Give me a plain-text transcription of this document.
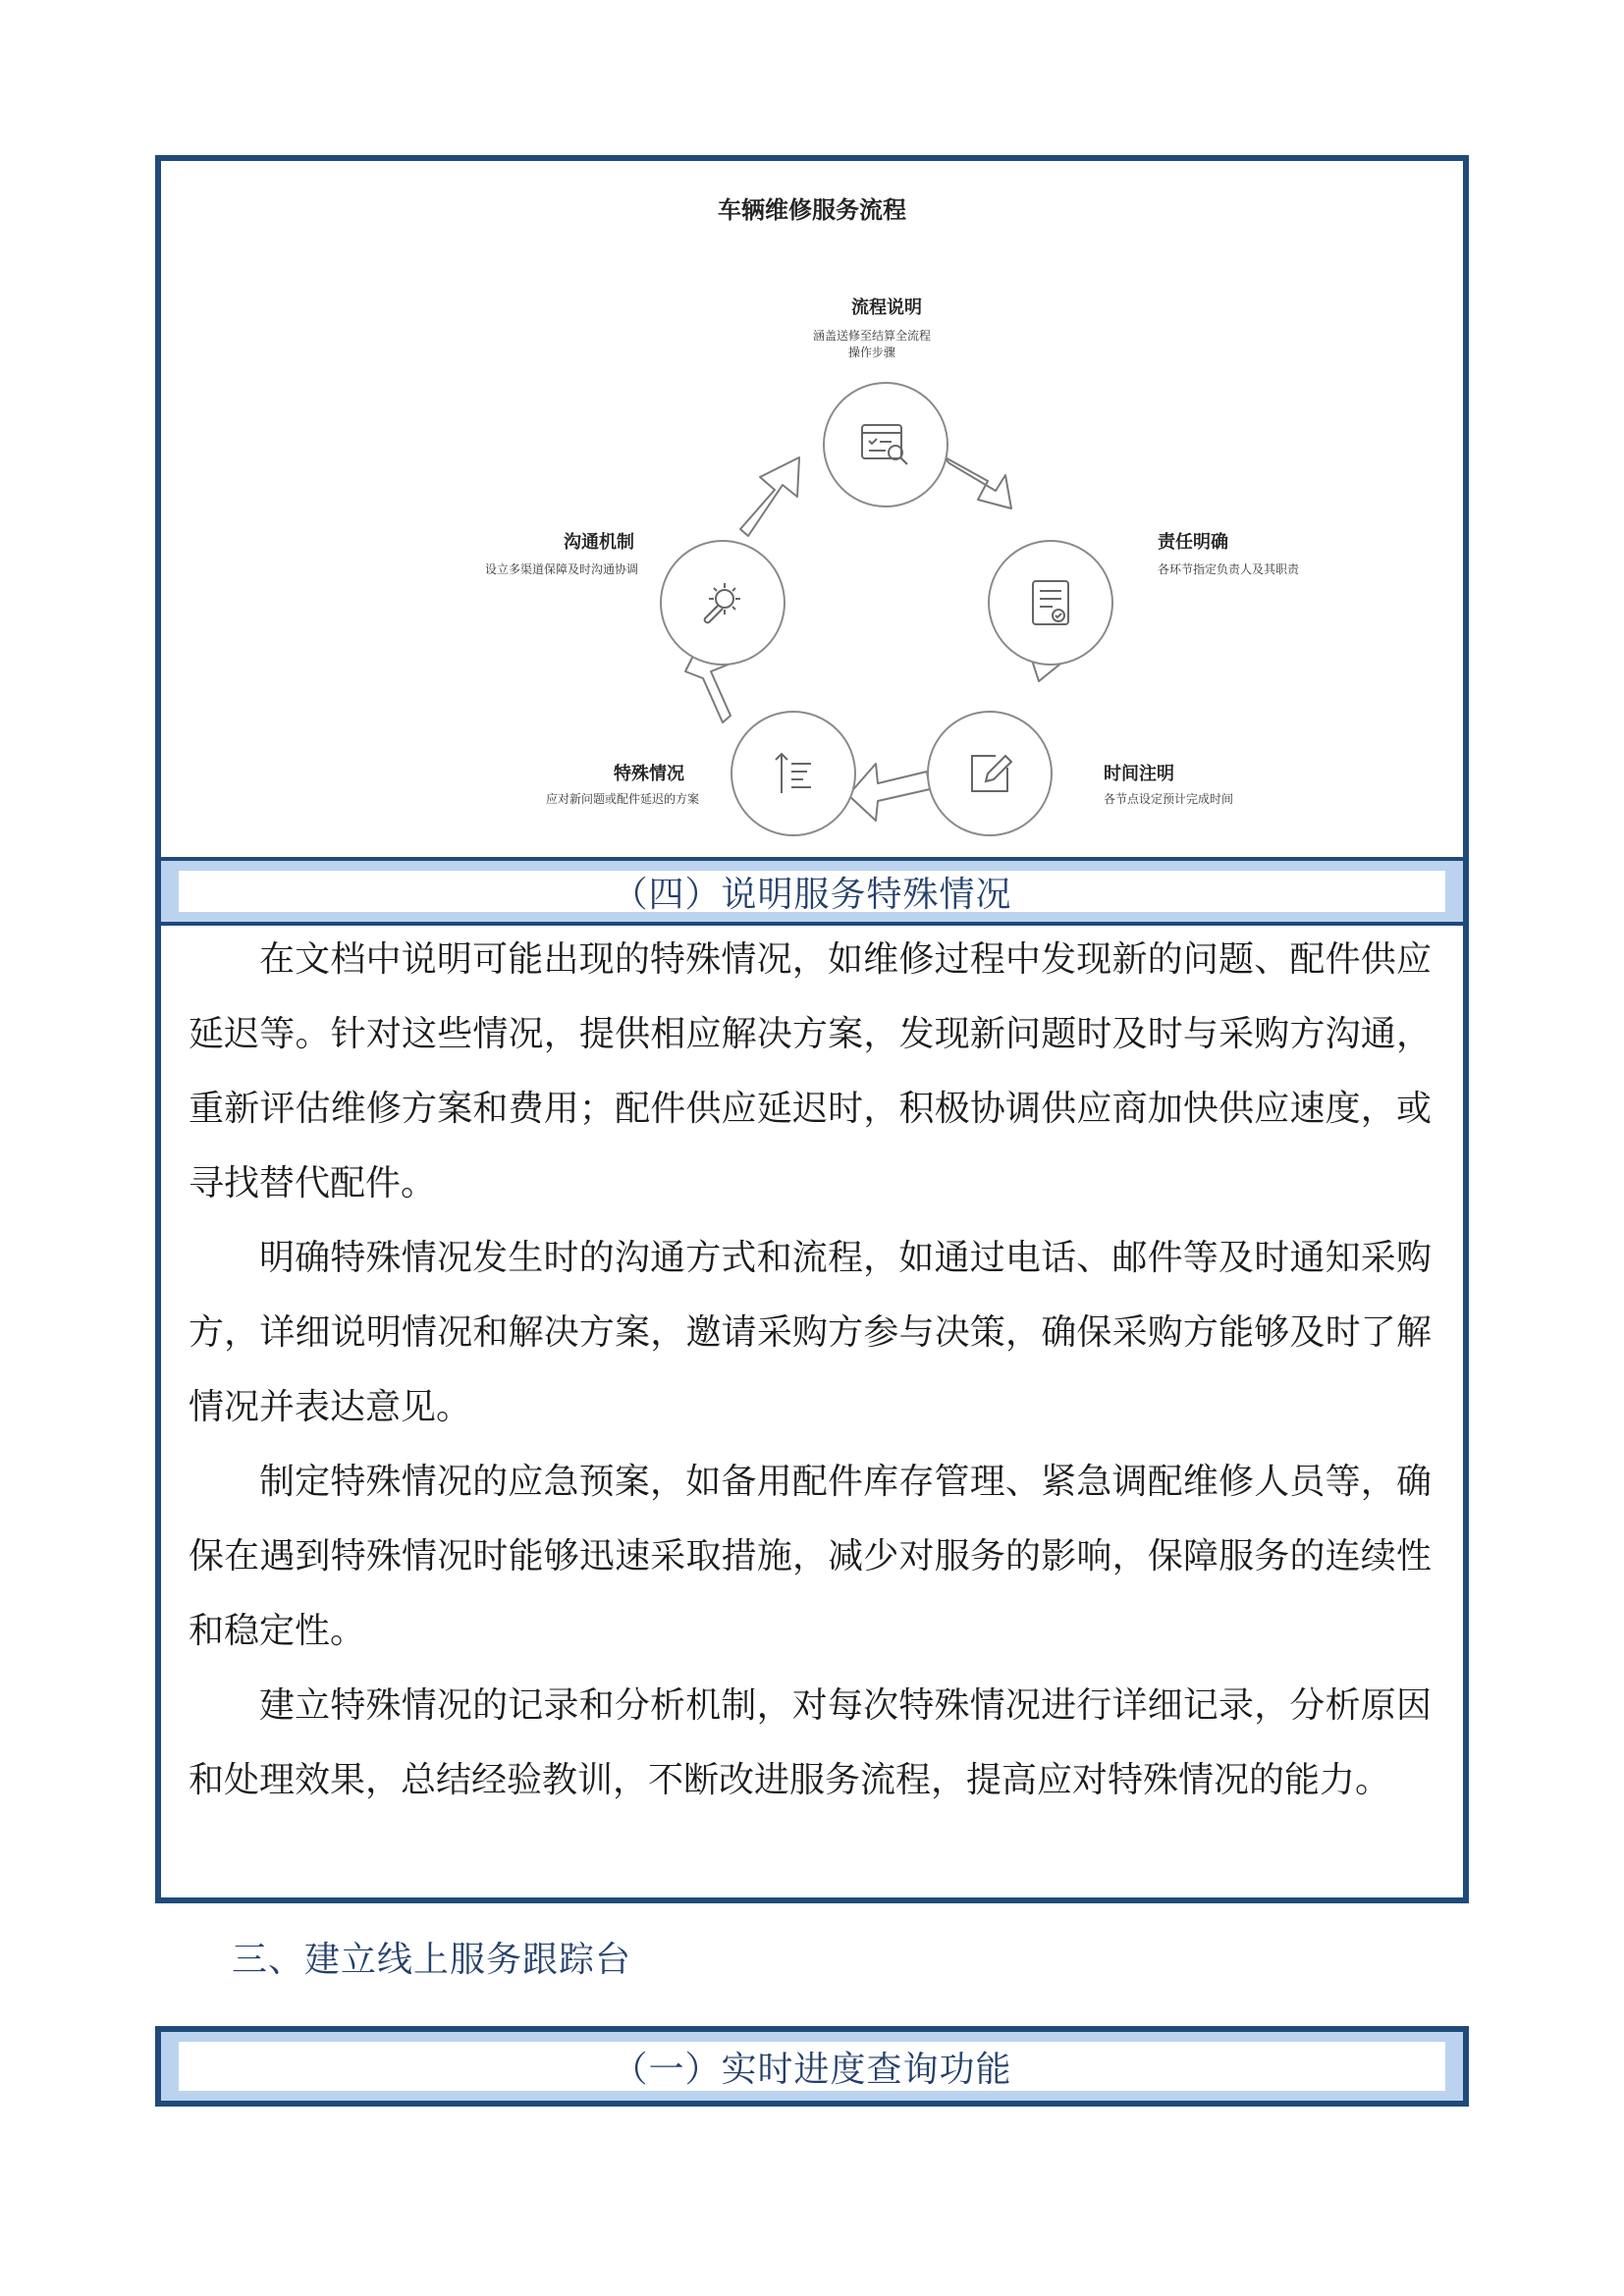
车辆维修服务流程
流程说明
涵盖送修至结算全流程操作步骤
责任明确
各环节指定负责人及其职责
时间注明
各节点设定预计完成时间
特殊情况
应对新问题或配件延迟的方案
沟通机制
设立多渠道保障及时沟通协调
（四）说明服务特殊情况

在文档中说明可能出现的特殊情况，如维修过程中发现新的问题、配件供应延迟等。针对这些情况，提供相应解决方案，发现新问题时及时与采购方沟通，重新评估维修方案和费用；配件供应延迟时，积极协调供应商加快供应速度，或寻找替代配件。

明确特殊情况发生时的沟通方式和流程，如通过电话、邮件等及时通知采购方，详细说明情况和解决方案，邀请采购方参与决策，确保采购方能够及时了解情况并表达意见。

制定特殊情况的应急预案，如备用配件库存管理、紧急调配维修人员等，确保在遇到特殊情况时能够迅速采取措施，减少对服务的影响，保障服务的连续性和稳定性。

建立特殊情况的记录和分析机制，对每次特殊情况进行详细记录，分析原因和处理效果，总结经验教训，不断改进服务流程，提高应对特殊情况的能力。

三、建立线上服务跟踪台
（一）实时进度查询功能
